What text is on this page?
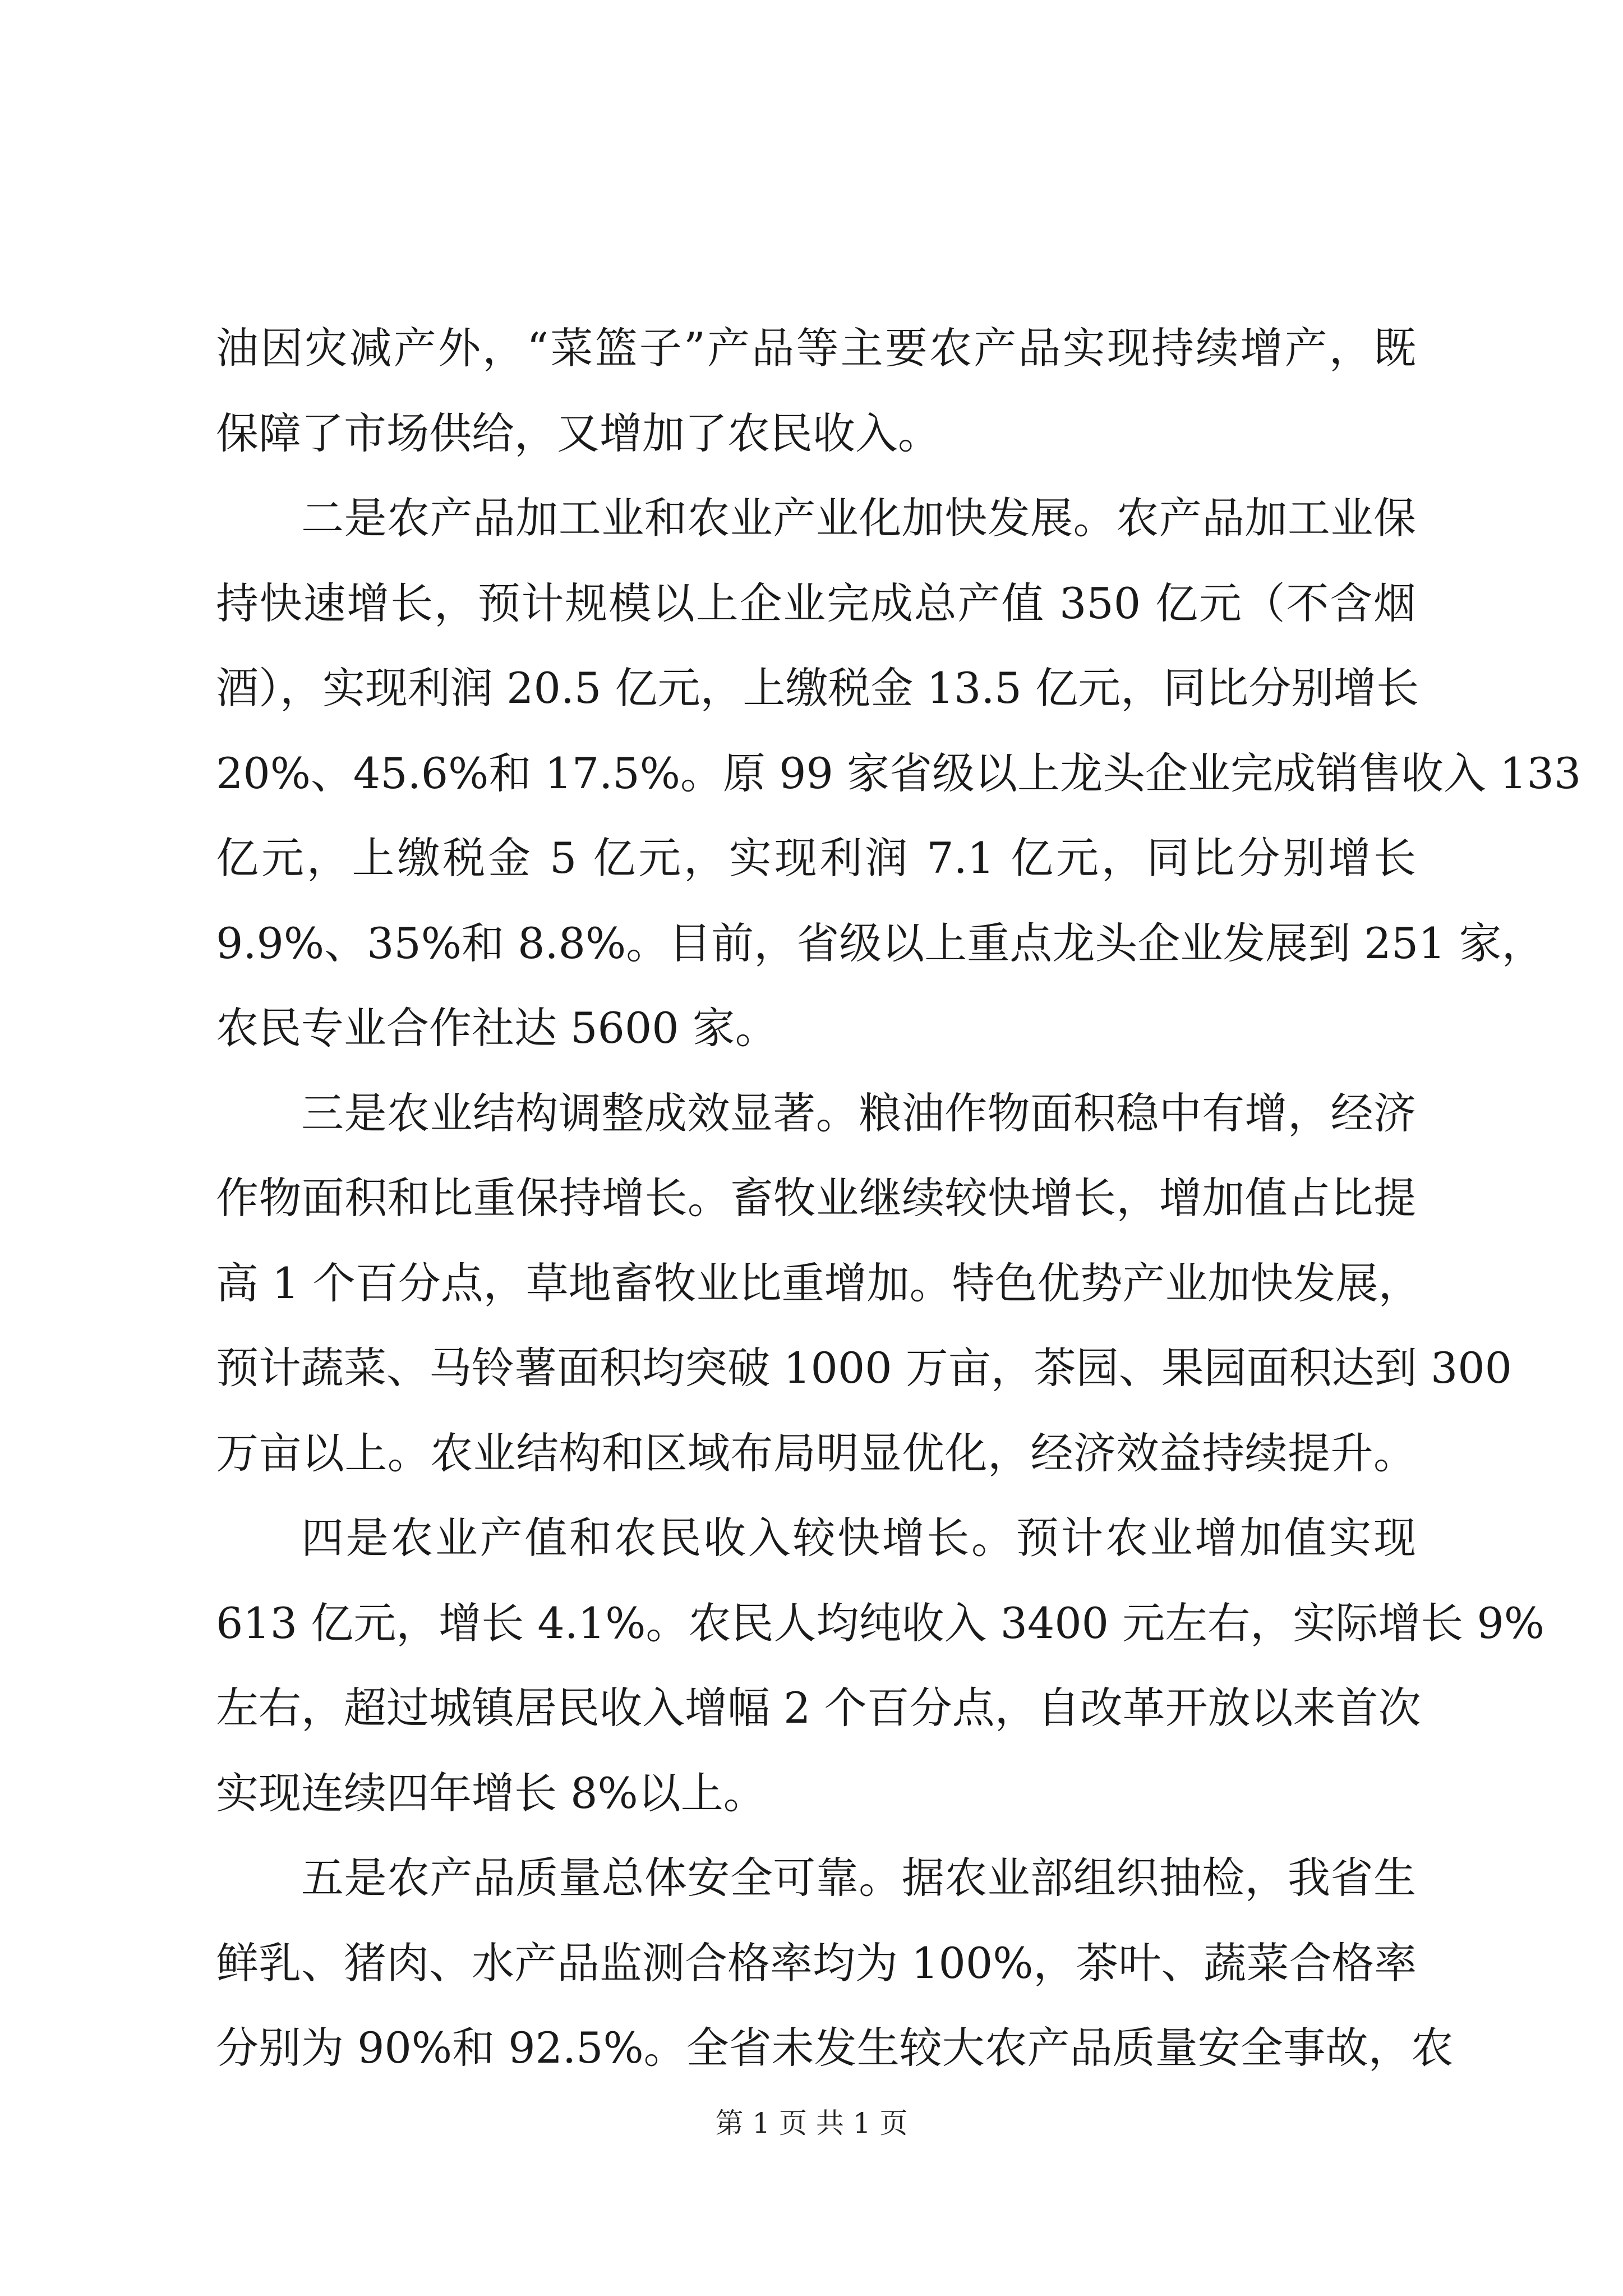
油因灾减产外，“菜篮子”产品等主要农产品实现持续增产，既
保障了市场供给，又增加了农民收入。
二是农产品加工业和农业产业化加快发展。农产品加工业保
持快速增长，预计规模以上企业完成总产值 350 亿元（不含烟
酒），实现利润 20.5 亿元，上缴税金 13.5 亿元，同比分别增长
20%、45.6%和 17.5%。原 99 家省级以上龙头企业完成销售收入 133
亿元，上缴税金 5 亿元，实现利润 7.1 亿元，同比分别增长
9.9%、35%和 8.8%。目前，省级以上重点龙头企业发展到 251 家，
农民专业合作社达 5600 家。
三是农业结构调整成效显著。粮油作物面积稳中有增，经济
作物面积和比重保持增长。畜牧业继续较快增长，增加值占比提
高 1 个百分点，草地畜牧业比重增加。特色优势产业加快发展，
预计蔬菜、马铃薯面积均突破 1000 万亩，茶园、果园面积达到 300
万亩以上。农业结构和区域布局明显优化，经济效益持续提升。
四是农业产值和农民收入较快增长。预计农业增加值实现
613 亿元，增长 4.1%。农民人均纯收入 3400 元左右，实际增长 9%
左右，超过城镇居民收入增幅 2 个百分点，自改革开放以来首次
实现连续四年增长 8%以上。
五是农产品质量总体安全可靠。据农业部组织抽检，我省生
鲜乳、猪肉、水产品监测合格率均为 100%，茶叶、蔬菜合格率
分别为 90%和 92.5%。全省未发生较大农产品质量安全事故，农
第 1 页 共 1 页
